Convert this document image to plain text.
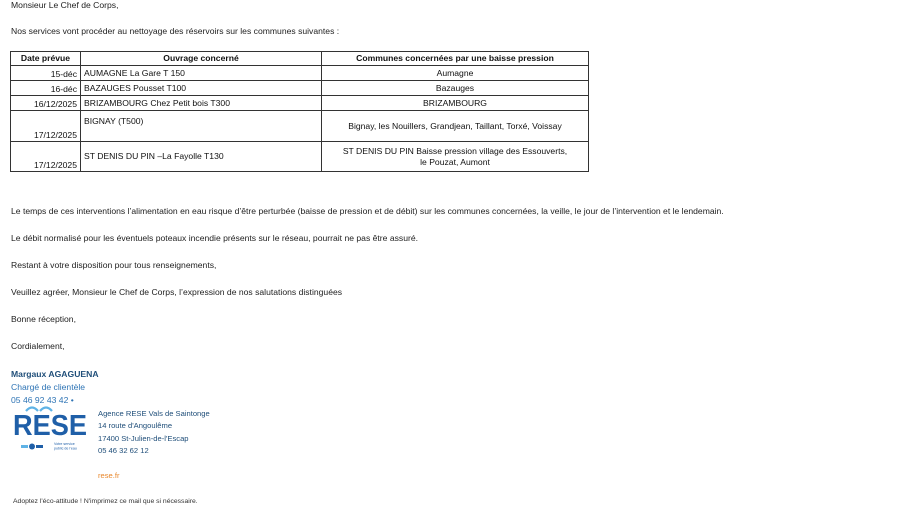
Monsieur Le Chef de Corps,
Nos services vont procéder au nettoyage des réservoirs sur les communes suivantes :
Date prévue	Ouvrage concerné	Communes concernées par une baisse pression
15-déc	AUMAGNE La Gare T 150	Aumagne
16-déc	BAZAUGES Pousset T100	Bazauges
16/12/2025	BRIZAMBOURG Chez Petit bois T300	BRIZAMBOURG
17/12/2025	BIGNAY (T500)	Bignay, les Nouillers, Grandjean, Taillant, Torxé, Voissay
17/12/2025	ST DENIS DU PIN –La Fayolle T130	ST DENIS DU PIN Baisse pression village des Essouverts,
le Pouzat, Aumont
Le temps de ces interventions l’alimentation en eau risque d’être perturbée (baisse de pression et de débit) sur les communes concernées, la veille, le jour de l’intervention et le lendemain.
Le débit normalisé pour les éventuels poteaux incendie présents sur le réseau, pourrait ne pas être assuré.
Restant à votre disposition pour tous renseignements,
Veuillez agréer, Monsieur le Chef de Corps, l’expression de nos salutations distinguées
Bonne réception,
Cordialement,
Margaux AGAGUENA
Chargé de clientèle
05 46 92 43 42 •
RESE
Votre service
public de l'eau
Agence RESE Vals de Saintonge
14 route d'Angoulême
17400 St-Julien-de-l'Escap
05 46 32 62 12
rese.fr
Adoptez l'éco-attitude ! N'imprimez ce mail que si nécessaire.
